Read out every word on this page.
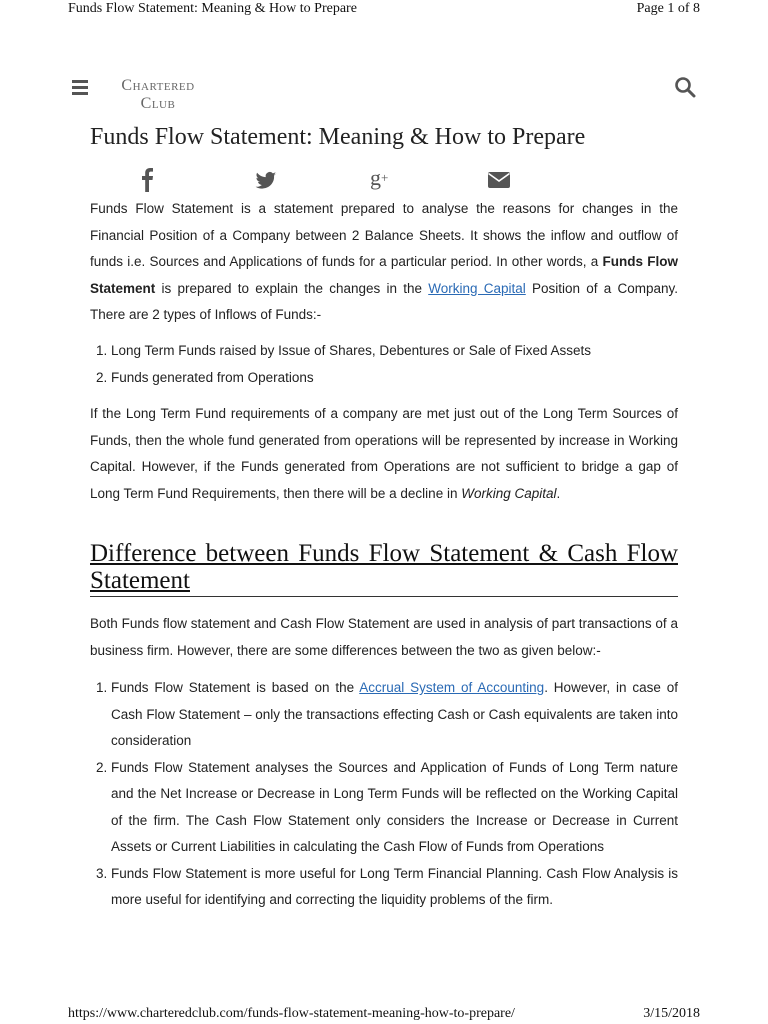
Funds Flow Statement: Meaning & How to Prepare	Page 1 of 8
Chartered
Club
Funds Flow Statement: Meaning & How to Prepare
g+

Funds Flow Statement is a statement prepared to analyse the reasons for changes in the Financial Position of a Company between 2 Balance Sheets. It shows the inflow and outflow of funds i.e. Sources and Applications of funds for a particular period. In other words, a Funds Flow Statement is prepared to explain the changes in the Working Capital Position of a Company. There are 2 types of Inflows of Funds:-

1. Long Term Funds raised by Issue of Shares, Debentures or Sale of Fixed Assets
2. Funds generated from Operations

If the Long Term Fund requirements of a company are met just out of the Long Term Sources of Funds, then the whole fund generated from operations will be represented by increase in Working Capital. However, if the Funds generated from Operations are not sufficient to bridge a gap of Long Term Fund Requirements, then there will be a decline in Working Capital.

Difference between Funds Flow Statement & Cash Flow Statement

Both Funds flow statement and Cash Flow Statement are used in analysis of part transactions of a business firm. However, there are some differences between the two as given below:-

1. Funds Flow Statement is based on the Accrual System of Accounting. However, in case of Cash Flow Statement – only the transactions effecting Cash or Cash equivalents are taken into consideration
2. Funds Flow Statement analyses the Sources and Application of Funds of Long Term nature and the Net Increase or Decrease in Long Term Funds will be reflected on the Working Capital of the firm. The Cash Flow Statement only considers the Increase or Decrease in Current Assets or Current Liabilities in calculating the Cash Flow of Funds from Operations
3. Funds Flow Statement is more useful for Long Term Financial Planning. Cash Flow Analysis is more useful for identifying and correcting the liquidity problems of the firm.
https://www.charteredclub.com/funds-flow-statement-meaning-how-to-prepare/	3/15/2018
